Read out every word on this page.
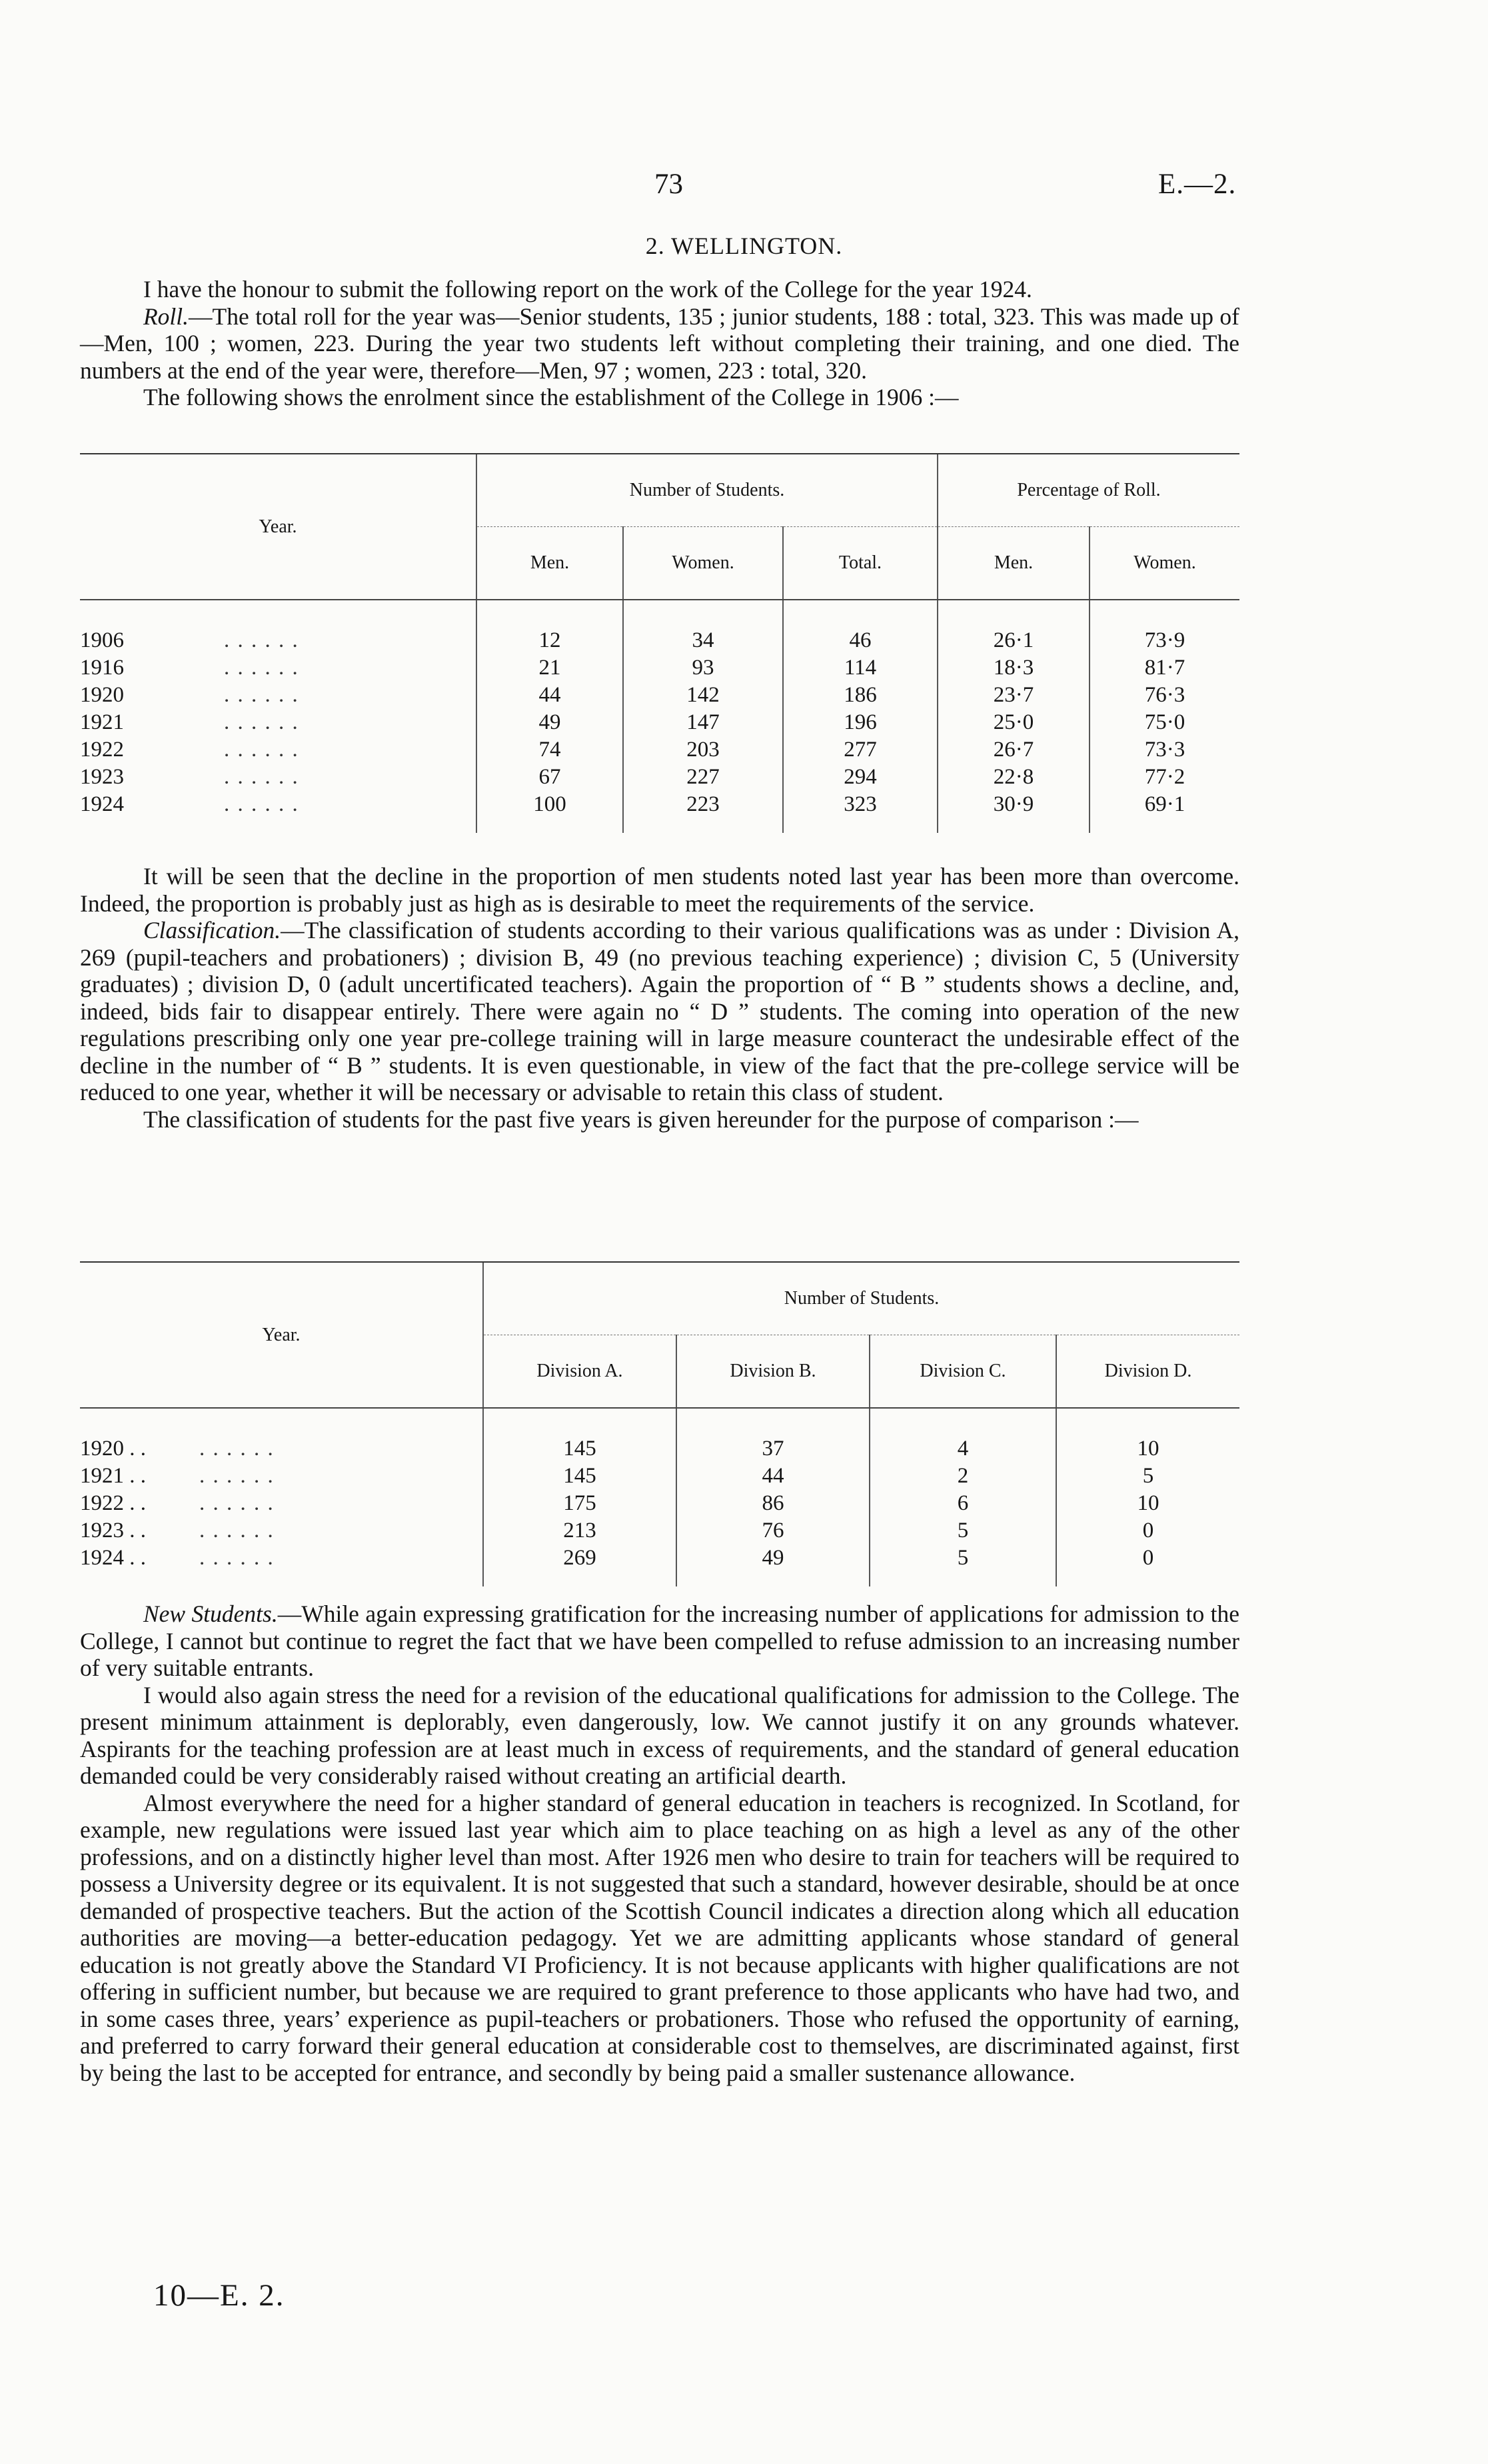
73	E.—2.
2. WELLINGTON.

I have the honour to submit the following report on the work of the College for the year 1924.

Roll.—The total roll for the year was—Senior students, 135 ; junior students, 188 : total, 323. This was made up of—Men, 100 ; women, 223. During the year two students left without completing their training, and one died. The numbers at the end of the year were, therefore—Men, 97 ; women, 223 : total, 320.

The following shows the enrolment since the establishment of the College in 1906 :—

Year.	Number of Students.			Percentage of Roll.	
	Men.	Women.	Total.	Men.	Women.
1906 . . . . . .	12	34	46	26·1	73·9
1916 . . . . . .	21	93	114	18·3	81·7
1920 . . . . . .	44	142	186	23·7	76·3
1921 . . . . . .	49	147	196	25·0	75·0
1922 . . . . . .	74	203	277	26·7	73·3
1923 . . . . . .	67	227	294	22·8	77·2
1924 . . . . . .	100	223	323	30·9	69·1

It will be seen that the decline in the proportion of men students noted last year has been more than overcome. Indeed, the proportion is probably just as high as is desirable to meet the requirements of the service.

Classification.—The classification of students according to their various qualifications was as under : Division A, 269 (pupil-teachers and probationers) ; division B, 49 (no previous teaching experience) ; division C, 5 (University graduates) ; division D, 0 (adult uncertificated teachers). Again the proportion of “ B ” students shows a decline, and, indeed, bids fair to disappear entirely. There were again no “ D ” students. The coming into operation of the new regulations prescribing only one year pre-college training will in large measure counteract the undesirable effect of the decline in the number of “ B ” students. It is even questionable, in view of the fact that the pre-college service will be reduced to one year, whether it will be necessary or advisable to retain this class of student.

The classification of students for the past five years is given hereunder for the purpose of comparison :—

Year.	Number of Students.			
	Division A.	Division B.	Division C.	Division D.
1920 . . . . . . . .	145	37	4	10
1921 . . . . . . . .	145	44	2	5
1922 . . . . . . . .	175	86	6	10
1923 . . . . . . . .	213	76	5	0
1924 . . . . . . . .	269	49	5	0

New Students.—While again expressing gratification for the increasing number of applications for admission to the College, I cannot but continue to regret the fact that we have been compelled to refuse admission to an increasing number of very suitable entrants.

I would also again stress the need for a revision of the educational qualifications for admission to the College. The present minimum attainment is deplorably, even dangerously, low. We cannot justify it on any grounds whatever. Aspirants for the teaching profession are at least much in excess of requirements, and the standard of general education demanded could be very considerably raised without creating an artificial dearth.

Almost everywhere the need for a higher standard of general education in teachers is recognized. In Scotland, for example, new regulations were issued last year which aim to place teaching on as high a level as any of the other professions, and on a distinctly higher level than most. After 1926 men who desire to train for teachers will be required to possess a University degree or its equivalent. It is not suggested that such a standard, however desirable, should be at once demanded of prospective teachers. But the action of the Scottish Council indicates a direction along which all education authorities are moving—a better-education pedagogy. Yet we are admitting applicants whose standard of general education is not greatly above the Standard VI Proficiency. It is not because applicants with higher qualifications are not offering in sufficient number, but because we are required to grant preference to those applicants who have had two, and in some cases three, years’ experience as pupil-teachers or probationers. Those who refused the opportunity of earning, and preferred to carry forward their general education at considerable cost to themselves, are discriminated against, first by being the last to be accepted for entrance, and secondly by being paid a smaller sustenance allowance.

10—E. 2.
